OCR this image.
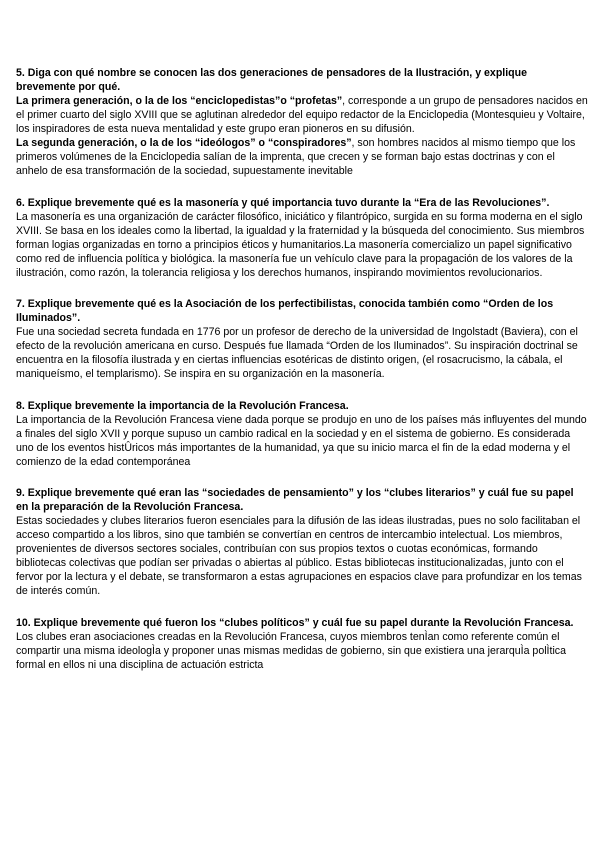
5. Diga con qué nombre se conocen las dos generaciones de pensadores de la Ilustración, y explique brevemente por qué.

La primera generación, o la de los “enciclopedistas”o “profetas”, corresponde a un grupo de pensadores nacidos en el primer cuarto del siglo XVIII que se aglutinan alrededor del equipo redactor de la Enciclopedia (Montesquieu y Voltaire, los inspiradores de esta nueva mentalidad y este grupo eran pioneros en su difusión.

La segunda generación, o la de los “ideólogos” o “conspiradores”, son hombres nacidos al mismo tiempo que los primeros volúmenes de la Enciclopedia salían de la imprenta, que crecen y se forman bajo estas doctrinas y con el anhelo de esa transformación de la sociedad, supuestamente inevitable

6. Explique brevemente qué es la masonería y qué importancia tuvo durante la “Era de las Revoluciones”.

La masonería es una organización de carácter filosófico, iniciático y filantrópico, surgida en su forma moderna en el siglo XVIII. Se basa en los ideales como la libertad, la igualdad y la fraternidad y la búsqueda del conocimiento. Sus miembros forman logias organizadas en torno a principios éticos y humanitarios.La masonería comercializo un papel significativo como red de influencia política y biológica. la masonería fue un vehículo clave para la propagación de los valores de la ilustración, como razón, la tolerancia religiosa y los derechos humanos, inspirando movimientos revolucionarios.

7. Explique brevemente qué es la Asociación de los perfectibilistas, conocida también como “Orden de los Iluminados”.

Fue una sociedad secreta fundada en 1776 por un profesor de derecho de la universidad de Ingolstadt (Baviera), con el efecto de la revolución americana en curso. Después fue llamada “Orden de los Iluminados”. Su inspiración doctrinal se encuentra en la filosofía ilustrada y en ciertas influencias esotéricas de distinto origen, (el rosacrucismo, la cábala, el maniqueísmo, el templarismo). Se inspira en su organización en la masonería.

8. Explique brevemente la importancia de la Revolución Francesa.

La importancia de la Revolución Francesa viene dada porque se produjo en uno de los países más influyentes del mundo a finales del siglo XVII y porque supuso un cambio radical en la sociedad y en el sistema de gobierno. Es considerada uno de los eventos histÛricos más importantes de la humanidad, ya que su inicio marca el fin de la edad moderna y el comienzo de la edad contemporánea

9. Explique brevemente qué eran las “sociedades de pensamiento” y los “clubes literarios” y cuál fue su papel en la preparación de la Revolución Francesa.

Estas sociedades y clubes literarios fueron esenciales para la difusión de las ideas ilustradas, pues no solo facilitaban el acceso compartido a los libros, sino que también se convertían en centros de intercambio intelectual. Los miembros, provenientes de diversos sectores sociales, contribuían con sus propios textos o cuotas económicas, formando bibliotecas colectivas que podían ser privadas o abiertas al público. Estas bibliotecas institucionalizadas, junto con el fervor por la lectura y el debate, se transformaron a estas agrupaciones en espacios clave para profundizar en los temas de interés común.

10. Explique brevemente qué fueron los “clubes políticos” y cuál fue su papel durante la Revolución Francesa.

Los clubes eran asociaciones creadas en la Revolución Francesa, cuyos miembros tenÌan como referente común el compartir una misma ideologÌa y proponer unas mismas medidas de gobierno, sin que existiera una jerarquÌa polÌtica formal en ellos ni una disciplina de actuación estricta
